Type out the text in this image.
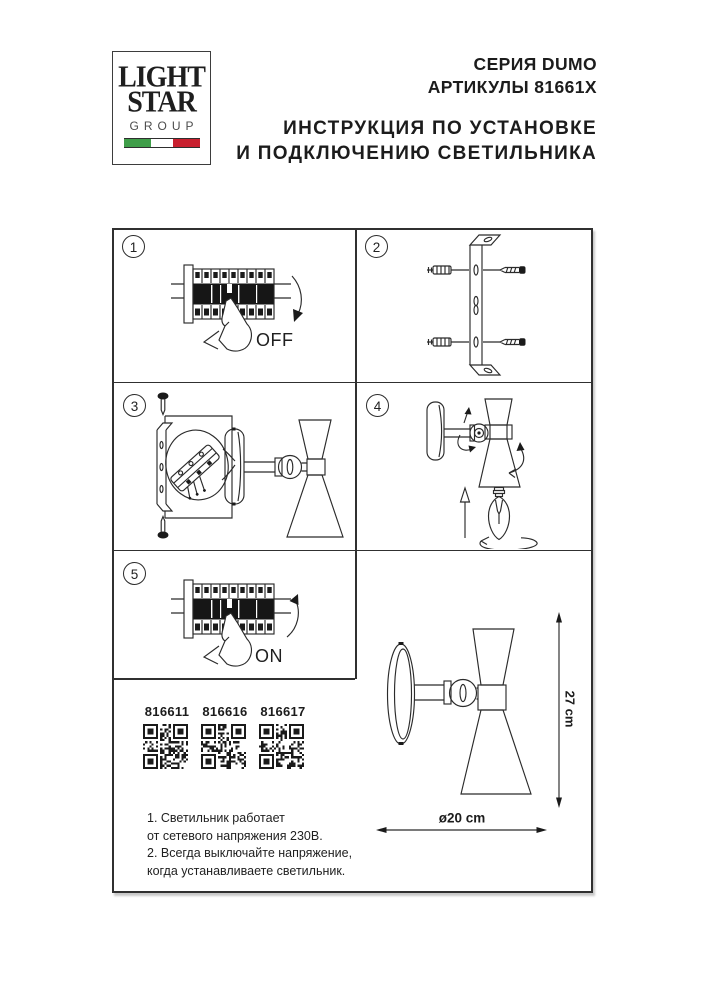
LIGHT
STAR
GROUP
СЕРИЯ DUMO
АРТИКУЛЫ 81661X
ИНСТРУКЦИЯ ПО УСТАНОВКЕ
И ПОДКЛЮЧЕНИЮ СВЕТИЛЬНИКА
1
OFF
2
3	4
5
ON
816611 816616 816617
1. Светильник работает
от сетевого напряжения 230В.
2. Всегда выключайте напряжение,
когда устанавливаете светильник.
27 cm
ø20 cm
